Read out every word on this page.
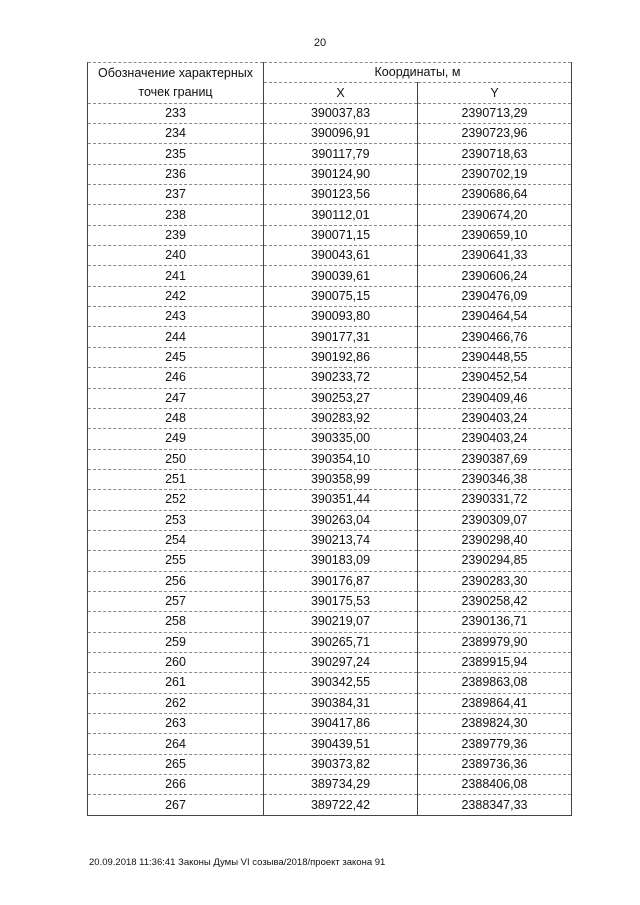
20
Обозначение характерных точек границ	Координаты, м	
	X	Y
233	390037,83	2390713,29
234	390096,91	2390723,96
235	390117,79	2390718,63
236	390124,90	2390702,19
237	390123,56	2390686,64
238	390112,01	2390674,20
239	390071,15	2390659,10
240	390043,61	2390641,33
241	390039,61	2390606,24
242	390075,15	2390476,09
243	390093,80	2390464,54
244	390177,31	2390466,76
245	390192,86	2390448,55
246	390233,72	2390452,54
247	390253,27	2390409,46
248	390283,92	2390403,24
249	390335,00	2390403,24
250	390354,10	2390387,69
251	390358,99	2390346,38
252	390351,44	2390331,72
253	390263,04	2390309,07
254	390213,74	2390298,40
255	390183,09	2390294,85
256	390176,87	2390283,30
257	390175,53	2390258,42
258	390219,07	2390136,71
259	390265,71	2389979,90
260	390297,24	2389915,94
261	390342,55	2389863,08
262	390384,31	2389864,41
263	390417,86	2389824,30
264	390439,51	2389779,36
265	390373,82	2389736,36
266	389734,29	2388406,08
267	389722,42	2388347,33
20.09.2018 11:36:41 Законы Думы VI созыва/2018/проект закона 91
